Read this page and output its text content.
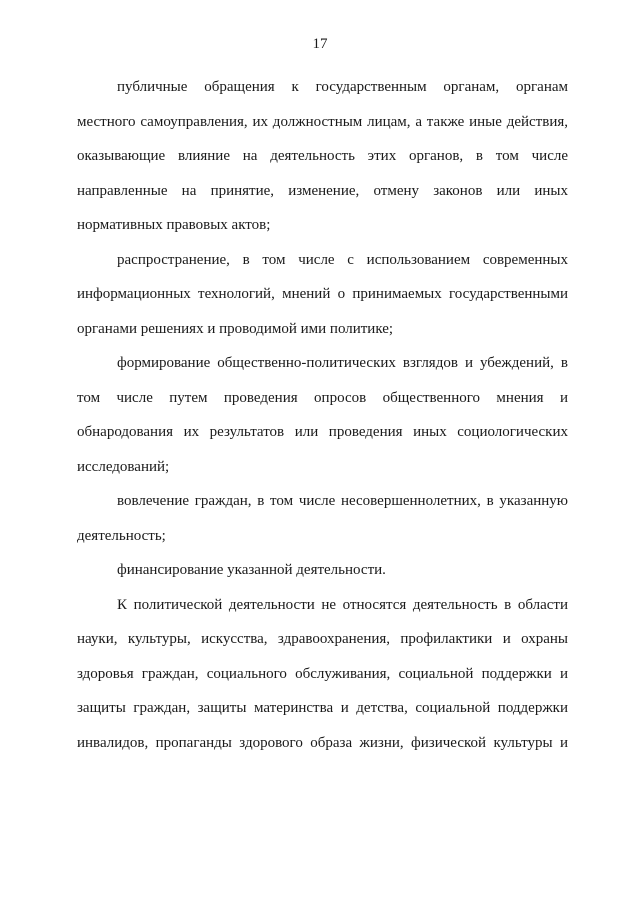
17
публичные обращения к государственным органам, органам
местного самоуправления, их должностным лицам, а также иные действия,
оказывающие влияние на деятельность этих органов, в том числе
направленные на принятие, изменение, отмену законов или иных
нормативных правовых актов;
распространение, в том числе с использованием современных
информационных технологий, мнений о принимаемых государственными
органами решениях и проводимой ими политике;
формирование общественно-политических взглядов и убеждений, в
том числе путем проведения опросов общественного мнения и
обнародования их результатов или проведения иных социологических
исследований;
вовлечение граждан, в том числе несовершеннолетних, в указанную
деятельность;
финансирование указанной деятельности.
К политической деятельности не относятся деятельность в области
науки, культуры, искусства, здравоохранения, профилактики и охраны
здоровья граждан, социального обслуживания, социальной поддержки и
защиты граждан, защиты материнства и детства, социальной поддержки
инвалидов, пропаганды здорового образа жизни, физической культуры и
